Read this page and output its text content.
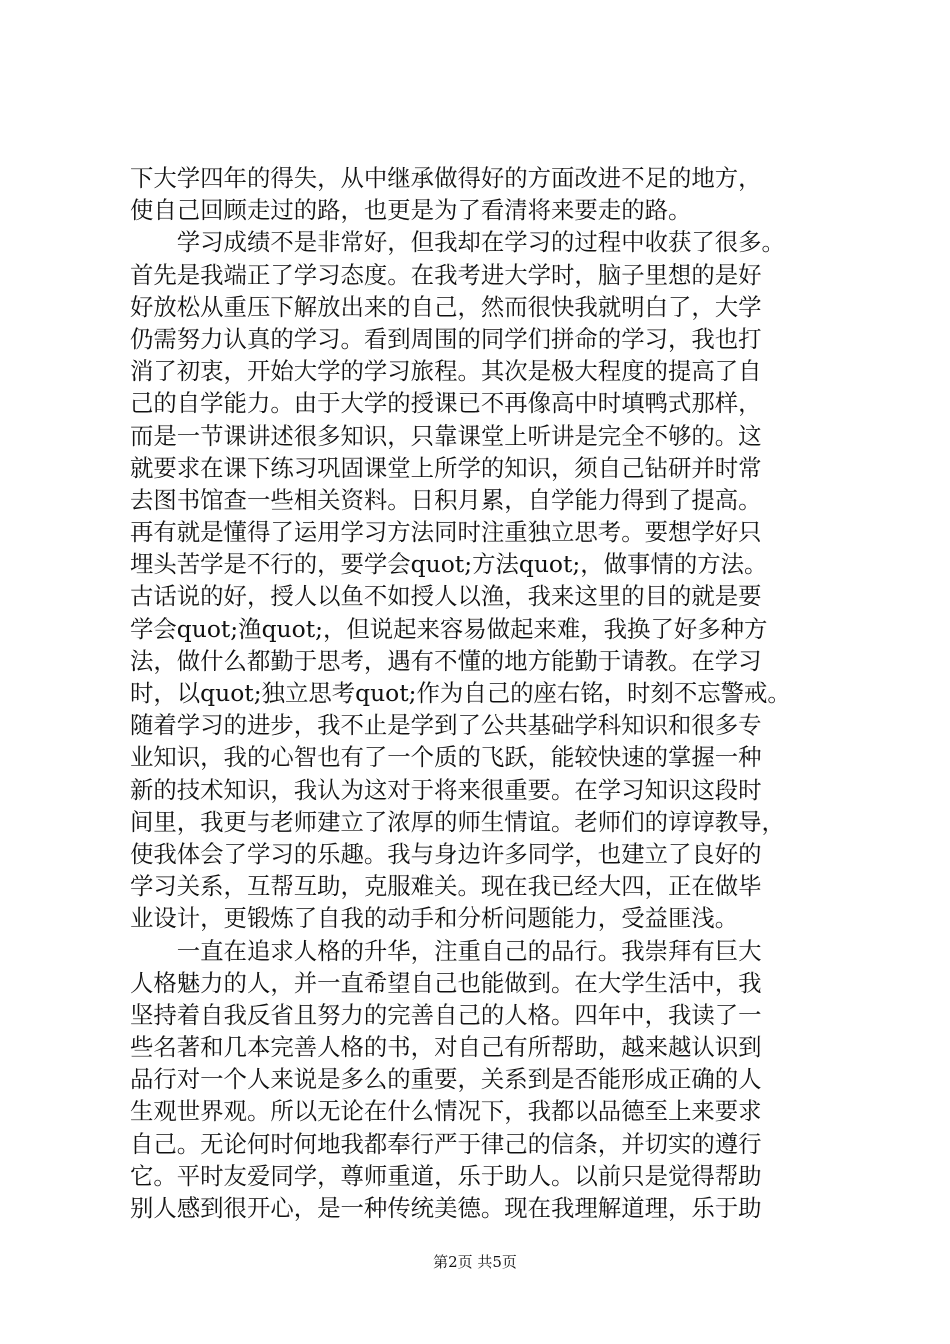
下大学四年的得失，从中继承做得好的方面改进不足的地方，
使自己回顾走过的路，也更是为了看清将来要走的路。
　　学习成绩不是非常好，但我却在学习的过程中收获了很多。
首先是我端正了学习态度。在我考进大学时，脑子里想的是好
好放松从重压下解放出来的自己，然而很快我就明白了，大学
仍需努力认真的学习。看到周围的同学们拼命的学习，我也打
消了初衷，开始大学的学习旅程。其次是极大程度的提高了自
己的自学能力。由于大学的授课已不再像高中时填鸭式那样，
而是一节课讲述很多知识，只靠课堂上听讲是完全不够的。这
就要求在课下练习巩固课堂上所学的知识，须自己钻研并时常
去图书馆查一些相关资料。日积月累，自学能力得到了提高。
再有就是懂得了运用学习方法同时注重独立思考。要想学好只
埋头苦学是不行的，要学会quot;方法quot;，做事情的方法。
古话说的好，授人以鱼不如授人以渔，我来这里的目的就是要
学会quot;渔quot;，但说起来容易做起来难，我换了好多种方
法，做什么都勤于思考，遇有不懂的地方能勤于请教。在学习
时，以quot;独立思考quot;作为自己的座右铭，时刻不忘警戒。
随着学习的进步，我不止是学到了公共基础学科知识和很多专
业知识，我的心智也有了一个质的飞跃，能较快速的掌握一种
新的技术知识，我认为这对于将来很重要。在学习知识这段时
间里，我更与老师建立了浓厚的师生情谊。老师们的谆谆教导，
使我体会了学习的乐趣。我与身边许多同学，也建立了良好的
学习关系，互帮互助，克服难关。现在我已经大四，正在做毕
业设计，更锻炼了自我的动手和分析问题能力，受益匪浅。
　　一直在追求人格的升华，注重自己的品行。我崇拜有巨大
人格魅力的人，并一直希望自己也能做到。在大学生活中，我
坚持着自我反省且努力的完善自己的人格。四年中，我读了一
些名著和几本完善人格的书，对自己有所帮助，越来越认识到
品行对一个人来说是多么的重要，关系到是否能形成正确的人
生观世界观。所以无论在什么情况下，我都以品德至上来要求
自己。无论何时何地我都奉行严于律己的信条，并切实的遵行
它。平时友爱同学，尊师重道，乐于助人。以前只是觉得帮助
别人感到很开心，是一种传统美德。现在我理解道理，乐于助
第2页 共5页
